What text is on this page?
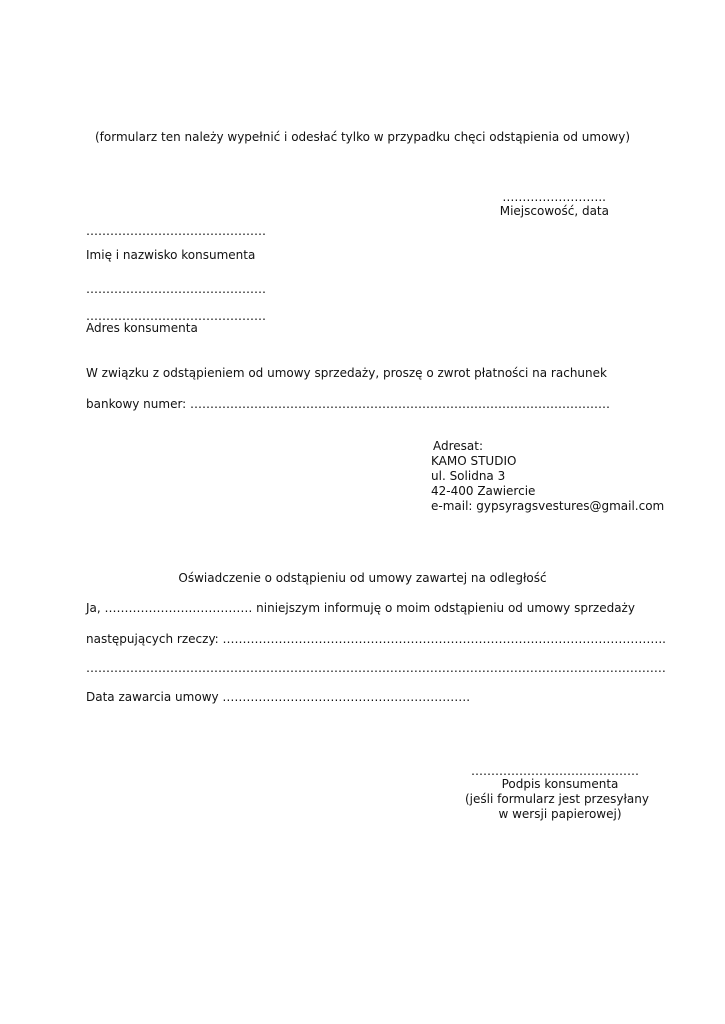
(formularz ten należy wypełnić i odesłać tylko w przypadku chęci odstąpienia od umowy)
……………………..
Miejscowość, data
………………………………………
Imię i nazwisko konsumenta
………………………………………
………………………………………
Adres konsumenta
W związku z odstąpieniem od umowy sprzedaży, proszę o zwrot płatności na rachunek
bankowy numer: ……………………………………………………………………………………………
Adresat:
KAMO STUDIO
ul. Solidna 3
42-400 Zawiercie
e-mail: gypsyragsvestures@gmail.com
Oświadczenie o odstąpieniu od umowy zawartej na odległość
Ja, ………………….…………… niniejszym informuję o moim odstąpieniu od umowy sprzedaży
następujących rzeczy: …………………………………………………………………….…………………………..
………………………………………………………………….……………………………………………………………
Data zawarcia umowy …………………………………….……………….
……………………………………
Podpis konsumenta
(jeśli formularz jest przesyłany
w wersji papierowej)
